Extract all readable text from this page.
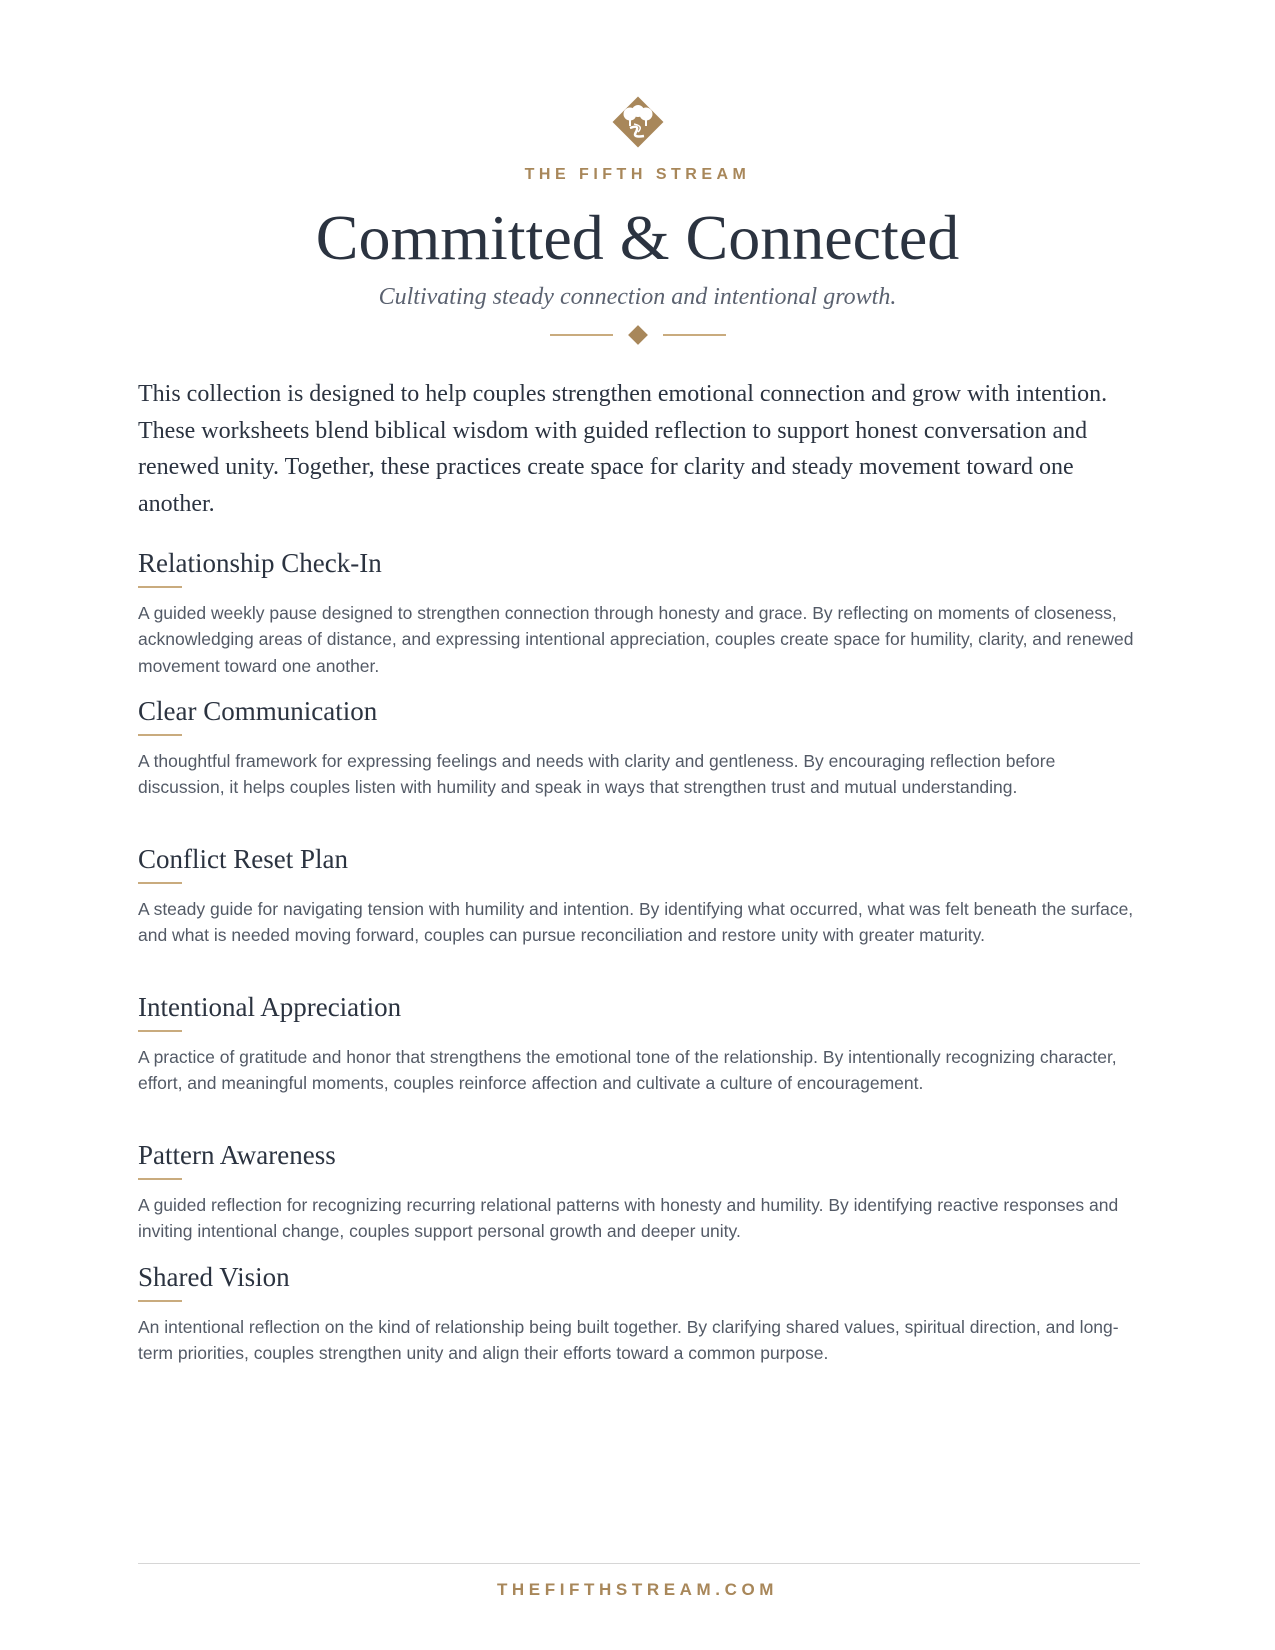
THE FIFTH STREAM
Committed & Connected
Cultivating steady connection and intentional growth.

This collection is designed to help couples strengthen emotional connection and grow with intention. These worksheets blend biblical wisdom with guided reflection to support honest conversation and renewed unity. Together, these practices create space for clarity and steady movement toward one another.

Relationship Check-In

A guided weekly pause designed to strengthen connection through honesty and grace. By reflecting on moments of closeness, acknowledging areas of distance, and expressing intentional appreciation, couples create space for humility, clarity, and renewed movement toward one another.

Clear Communication

A thoughtful framework for expressing feelings and needs with clarity and gentleness. By encouraging reflection before discussion, it helps couples listen with humility and speak in ways that strengthen trust and mutual understanding.

Conflict Reset Plan

A steady guide for navigating tension with humility and intention. By identifying what occurred, what was felt beneath the surface, and what is needed moving forward, couples can pursue reconciliation and restore unity with greater maturity.

Intentional Appreciation

A practice of gratitude and honor that strengthens the emotional tone of the relationship. By intentionally recognizing character, effort, and meaningful moments, couples reinforce affection and cultivate a culture of encouragement.

Pattern Awareness

A guided reflection for recognizing recurring relational patterns with honesty and humility. By identifying reactive responses and inviting intentional change, couples support personal growth and deeper unity.

Shared Vision

An intentional reflection on the kind of relationship being built together. By clarifying shared values, spiritual direction, and long-term priorities, couples strengthen unity and align their efforts toward a common purpose.

THEFIFTHSTREAM.COM
